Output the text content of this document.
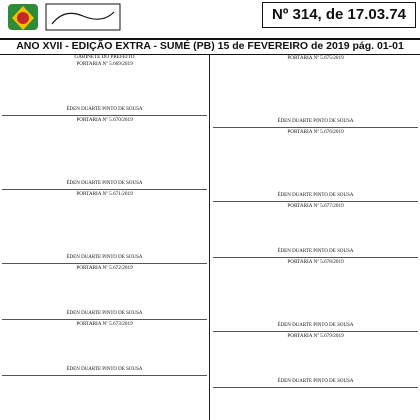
Nº 314, de 17.03.74
ANO XVII - EDIÇÃO EXTRA - SUMÉ (PB) 15 de FEVEREIRO de 2019 pág. 01-01
GABINETE DO PREFEITO
PORTARIA Nº 5.669/2019
ÉDEN DUARTE PINTO DE SOUSA
PORTARIA Nº 5.670/2019
ÉDEN DUARTE PINTO DE SOUSA
PORTARIA Nº 5.671/2019
ÉDEN DUARTE PINTO DE SOUSA
PORTARIA Nº 5.672/2019
ÉDEN DUARTE PINTO DE SOUSA
PORTARIA Nº 5.673/2019
ÉDEN DUARTE PINTO DE SOUSA
PORTARIA Nº 5.675/2019
ÉDEN DUARTE PINTO DE SOUSA
PORTARIA Nº 5.676/2019
ÉDEN DUARTE PINTO DE SOUSA
PORTARIA Nº 5.677/2019
ÉDEN DUARTE PINTO DE SOUSA
PORTARIA Nº 5.678/2019
ÉDEN DUARTE PINTO DE SOUSA
PORTARIA Nº 5.679/2019
ÉDEN DUARTE PINTO DE SOUSA
